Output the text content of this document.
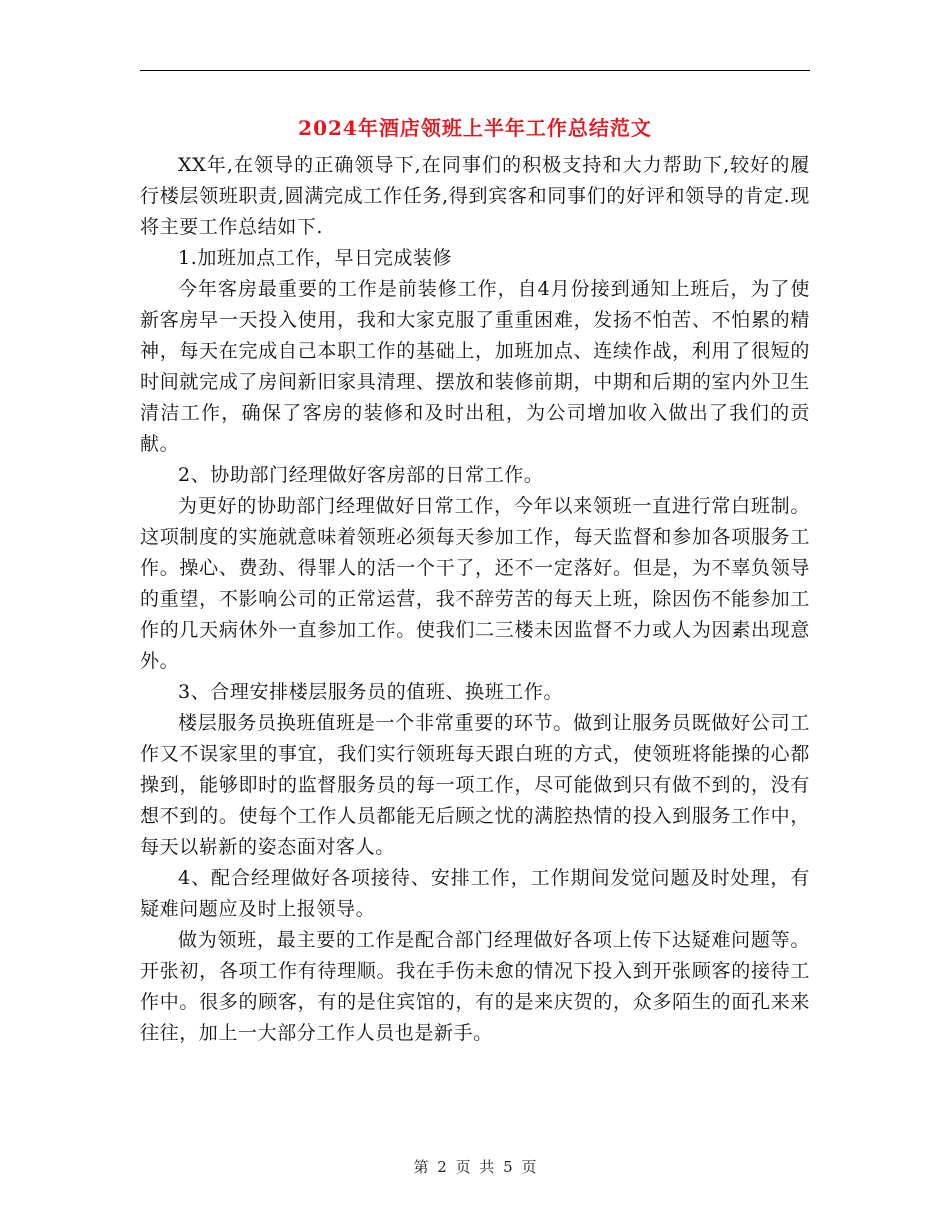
2024年酒店领班上半年工作总结范文

XX年,在领导的正确领导下,在同事们的积极支持和大力帮助下,较好的履行楼层领班职责,圆满完成工作任务,得到宾客和同事们的好评和领导的肯定.现将主要工作总结如下.

1.加班加点工作，早日完成装修

今年客房最重要的工作是前装修工作，自4月份接到通知上班后，为了使新客房早一天投入使用，我和大家克服了重重困难，发扬不怕苦、不怕累的精神，每天在完成自己本职工作的基础上，加班加点、连续作战，利用了很短的时间就完成了房间新旧家具清理、摆放和装修前期，中期和后期的室内外卫生清洁工作，确保了客房的装修和及时出租，为公司增加收入做出了我们的贡献。

2、协助部门经理做好客房部的日常工作。

为更好的协助部门经理做好日常工作，今年以来领班一直进行常白班制。这项制度的实施就意味着领班必须每天参加工作，每天监督和参加各项服务工作。操心、费劲、得罪人的活一个干了，还不一定落好。但是，为不辜负领导的重望，不影响公司的正常运营，我不辞劳苦的每天上班，除因伤不能参加工作的几天病休外一直参加工作。使我们二三楼未因监督不力或人为因素出现意外。

3、合理安排楼层服务员的值班、换班工作。

楼层服务员换班值班是一个非常重要的环节。做到让服务员既做好公司工作又不误家里的事宜，我们实行领班每天跟白班的方式，使领班将能操的心都操到，能够即时的监督服务员的每一项工作，尽可能做到只有做不到的，没有想不到的。使每个工作人员都能无后顾之忧的满腔热情的投入到服务工作中，每天以崭新的姿态面对客人。

4、配合经理做好各项接待、安排工作，工作期间发觉问题及时处理，有疑难问题应及时上报领导。

做为领班，最主要的工作是配合部门经理做好各项上传下达疑难问题等。开张初，各项工作有待理顺。我在手伤未愈的情况下投入到开张顾客的接待工作中。很多的顾客，有的是住宾馆的，有的是来庆贺的，众多陌生的面孔来来往往，加上一大部分工作人员也是新手。

第 2 页 共 5 页
